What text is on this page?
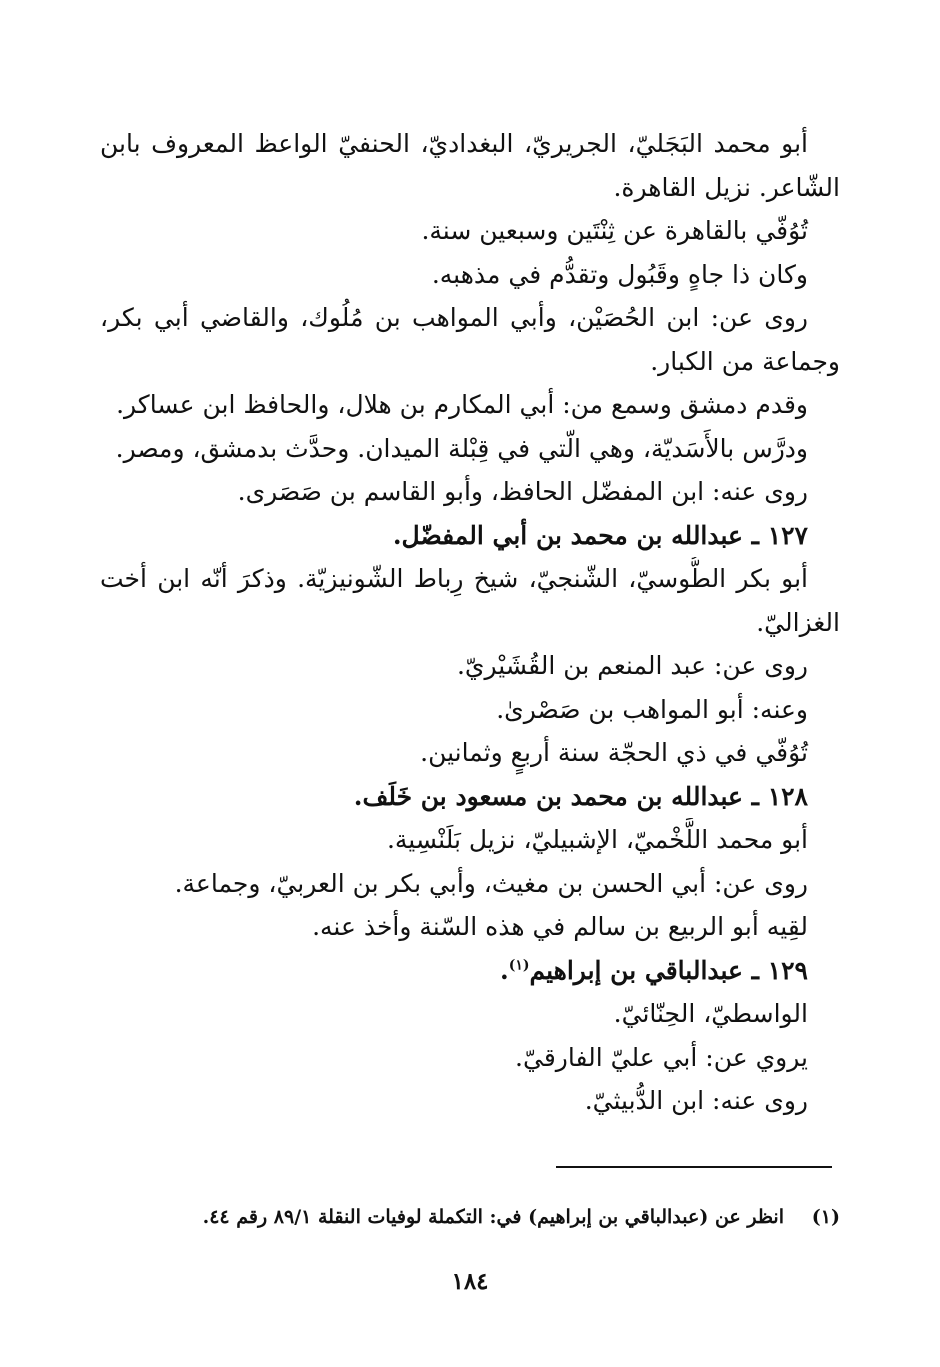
أبو محمد البَجَليّ، الجريريّ، البغداديّ، الحنفيّ الواعظ المعروف بابن
الشّاعر. نزيل القاهرة.
تُوُفّي بالقاهرة عن ثِنْتَين وسبعين سنة.
وكان ذا جاهٍ وقَبُول وتقدُّم في مذهبه.
روى عن: ابن الحُصَيْن، وأبي المواهب بن مُلُوك، والقاضي أبي بكر،
وجماعة من الكبار.
وقدم دمشق وسمع من: أبي المكارم بن هلال، والحافظ ابن عساكر.
ودرَّس بالأَسَديّة، وهي الّتي في قِبْلة الميدان. وحدَّث بدمشق، ومصر.
روى عنه: ابن المفضّل الحافظ، وأبو القاسم بن صَصَرى.
١٢٧ ـ عبدالله بن محمد بن أبي المفضّل.
أبو بكر الطُّوسيّ، الشّنجيّ، شيخ رِباط الشّونيزيّة. وذكرَ أنّه ابن أخت
الغزاليّ.
روى عن: عبد المنعم بن القُشَيْريّ.
وعنه: أبو المواهب بن صَصْرىٰ.
تُوُفّي في ذي الحجّة سنة أربعٍ وثمانين.
١٢٨ ـ عبدالله بن محمد بن مسعود بن خَلَف.
أبو محمد اللَّخْميّ، الإشبيليّ، نزيل بَلَنْسِية.
روى عن: أبي الحسن بن مغيث، وأبي بكر بن العربيّ، وجماعة.
لقِيه أبو الربيع بن سالم في هذه السّنة وأخذ عنه.
١٢٩ ـ عبدالباقي بن إبراهيم$^{(١)}$.
الواسطيّ، الحِنّائيّ.
يروي عن: أبي عليّ الفارقيّ.
روى عنه: ابن الدُّبيثيّ.
(١)انظر عن (عبدالباقي بن إبراهيم) في: التكملة لوفيات النقلة ٨٩/١ رقم ٤٤.
١٨٤
